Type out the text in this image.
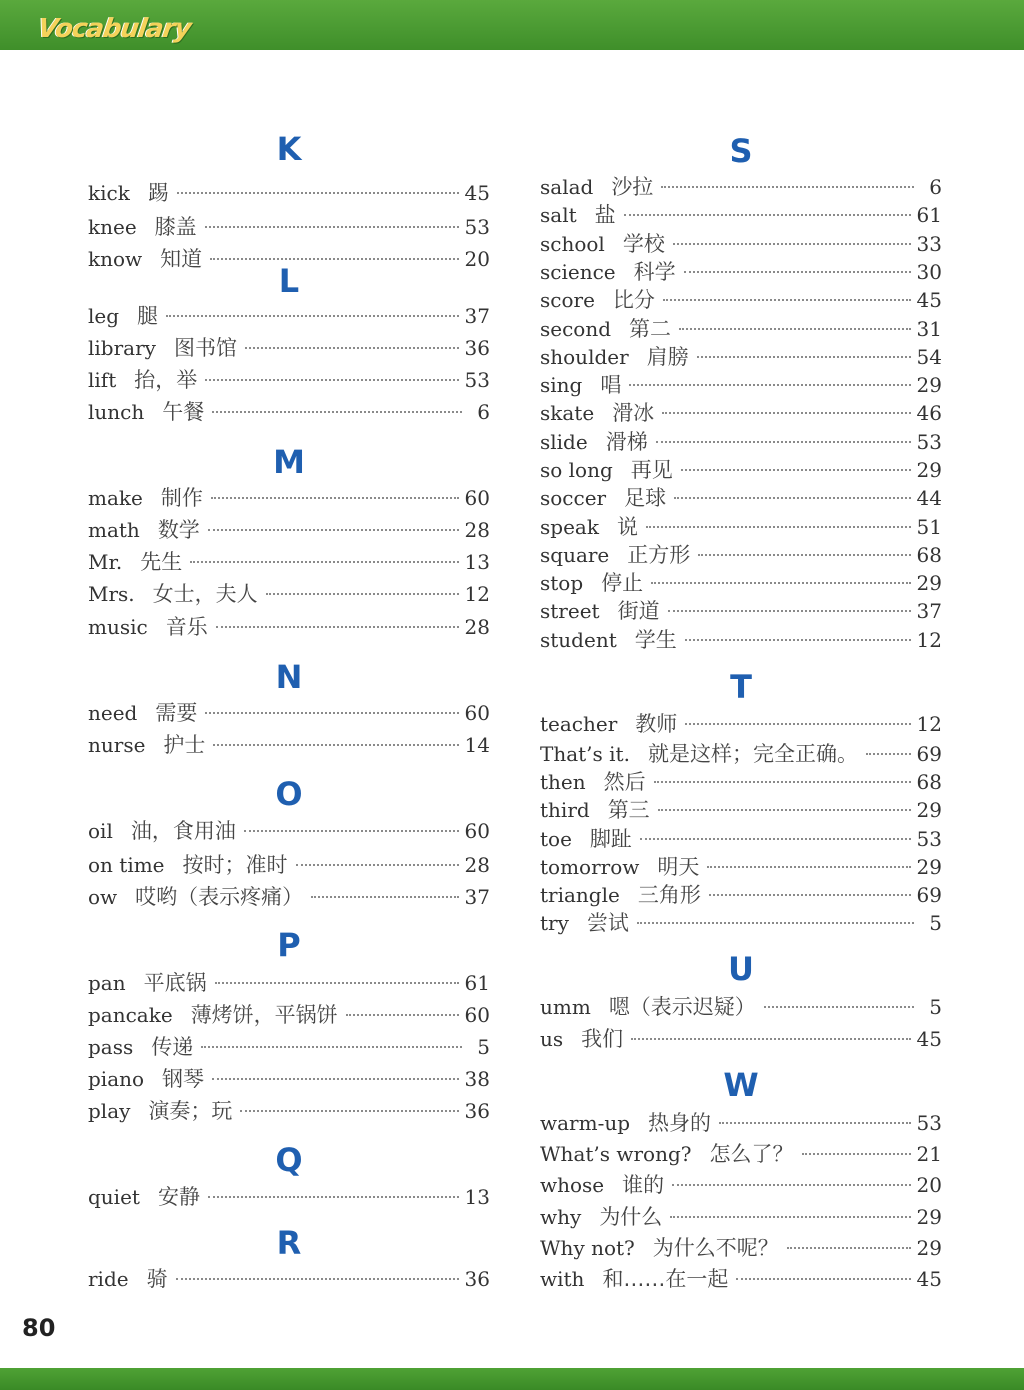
Vocabulary
K
kick 踢	45
knee 膝盖	53
know 知道	20
L
leg 腿	37
library 图书馆	36
lift 抬，举	53
lunch 午餐	6
M
make 制作	60
math 数学	28
Mr. 先生	13
Mrs. 女士，夫人	12
music 音乐	28
N
need 需要	60
nurse 护士	14
O
oil 油，食用油	60
on time 按时；准时	28
ow 哎哟（表示疼痛）	37
P
pan 平底锅	61
pancake 薄烤饼，平锅饼	60
pass 传递	5
piano 钢琴	38
play 演奏；玩	36
Q
quiet 安静	13
R
ride 骑	36
S
salad 沙拉	6
salt 盐	61
school 学校	33
science 科学	30
score 比分	45
second 第二	31
shoulder 肩膀	54
sing 唱	29
skate 滑冰	46
slide 滑梯	53
so long 再见	29
soccer 足球	44
speak 说	51
square 正方形	68
stop 停止	29
street 街道	37
student 学生	12
T
teacher 教师	12
That’s it. 就是这样；完全正确。	69
then 然后	68
third 第三	29
toe 脚趾	53
tomorrow 明天	29
triangle 三角形	69
try 尝试	5
U
umm 嗯（表示迟疑）	5
us 我们	45
W
warm-up 热身的	53
What’s wrong? 怎么了？	21
whose 谁的	20
why 为什么	29
Why not? 为什么不呢？	29
with 和……在一起	45
80
